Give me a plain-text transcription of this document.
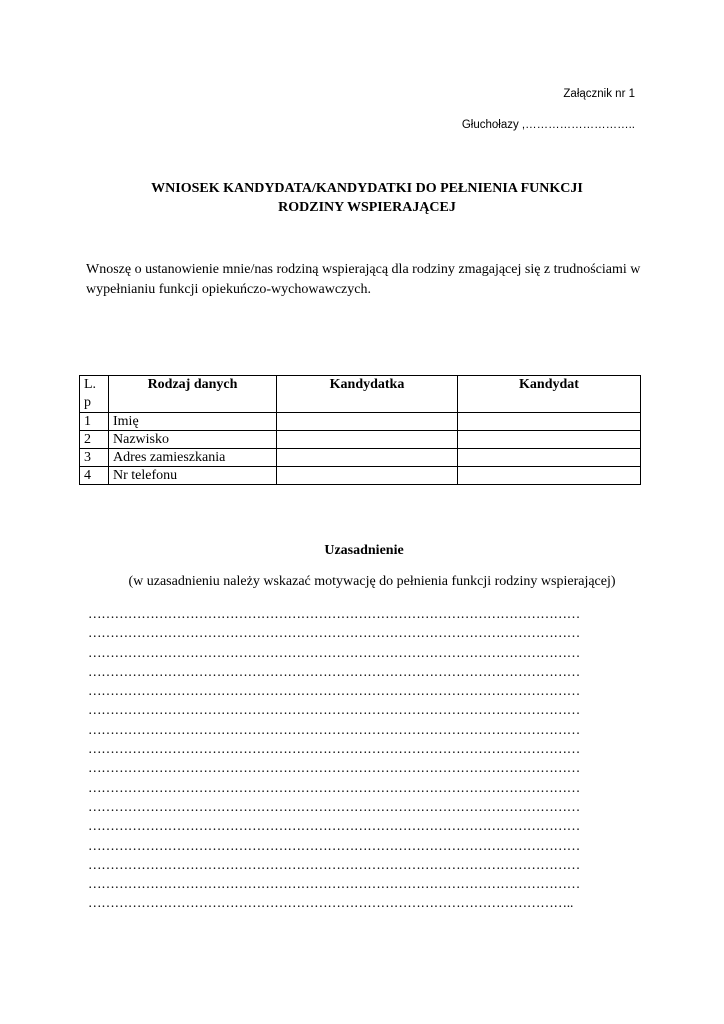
Załącznik nr 1
Głuchołazy ,………………………..
WNIOSEK KANDYDATA/KANDYDATKI DO PEŁNIENIA FUNKCJI
RODZINY WSPIERAJĄCEJ
Wnoszę o ustanowienie mnie/nas rodziną wspierającą dla rodziny zmagającej się z trudnościami w wypełnianiu funkcji opiekuńczo-wychowawczych.
L.
p	Rodzaj danych	Kandydatka	Kandydat
1	Imię		
2	Nazwisko		
3	Adres zamieszkania		
4	Nr telefonu		
Uzasadnienie
(w uzasadnieniu należy wskazać motywację do pełnienia funkcji rodziny wspierającej)
…………………………………………………………………………………………………
…………………………………………………………………………………………………
…………………………………………………………………………………………………
…………………………………………………………………………………………………
…………………………………………………………………………………………………
…………………………………………………………………………………………………
…………………………………………………………………………………………………
…………………………………………………………………………………………………
…………………………………………………………………………………………………
…………………………………………………………………………………………………
…………………………………………………………………………………………………
…………………………………………………………………………………………………
…………………………………………………………………………………………………
…………………………………………………………………………………………………
…………………………………………………………………………………………………
………………………………………………………………………………………………..
